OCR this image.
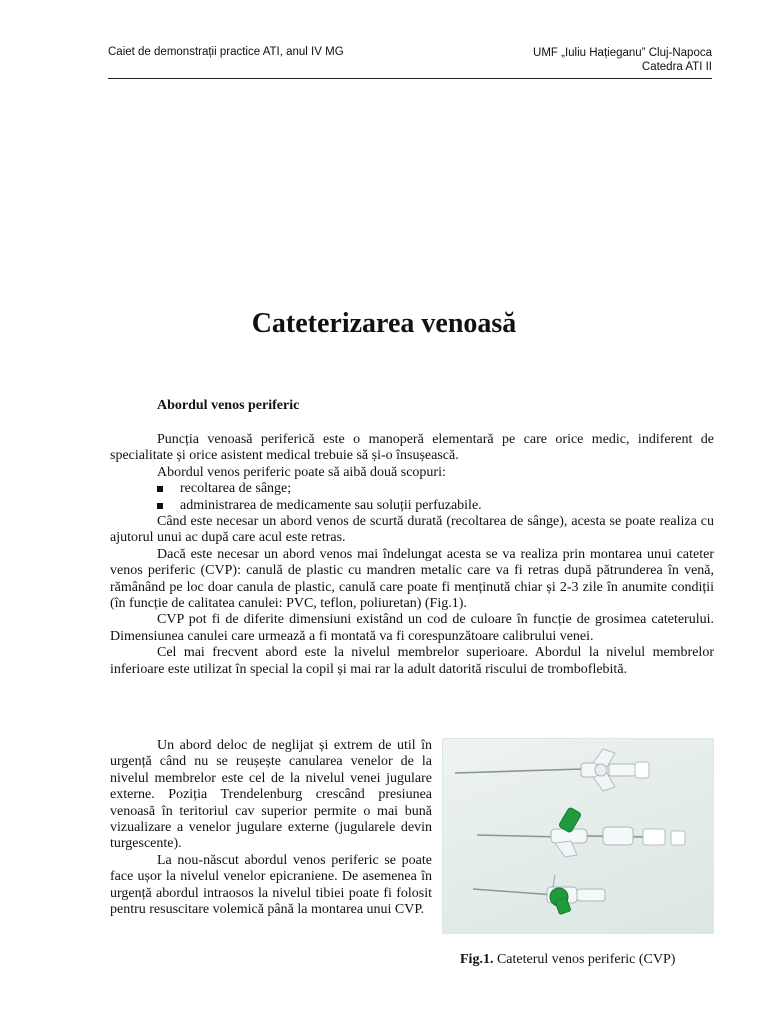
Caiet de demonstrații practice ATI, anul IV MG	UMF „Iuliu Hațieganu” Cluj-Napoca
Catedra ATI II
Cateterizarea venoasă
Abordul venos periferic

Puncția venoasă periferică este o manoperă elementară pe care orice medic, indiferent de specialitate și orice asistent medical trebuie să și-o însușească.

Abordul venos periferic poate să aibă două scopuri:

recoltarea de sânge;
administrarea de medicamente sau soluții perfuzabile.

Când este necesar un abord venos de scurtă durată (recoltarea de sânge), acesta se poate realiza cu ajutorul unui ac după care acul este retras.

Dacă este necesar un abord venos mai îndelungat acesta se va realiza prin montarea unui cateter venos periferic (CVP): canulă de plastic cu mandren metalic care va fi retras după pătrunderea în venă, rămânând pe loc doar canula de plastic, canulă care poate fi menținută chiar și 2-3 zile în anumite condiții (în funcție de calitatea canulei: PVC, teflon, poliuretan) (Fig.1).

CVP pot fi de diferite dimensiuni existând un cod de culoare în funcție de grosimea cateterului. Dimensiunea canulei care urmează a fi montată va fi corespunzătoare calibrului venei.

Cel mai frecvent abord este la nivelul membrelor superioare. Abordul la nivelul membrelor inferioare este utilizat în special la copil și mai rar la adult datorită riscului de tromboflebită.

Un abord deloc de neglijat și extrem de util în urgență când nu se reușește canularea venelor de la nivelul membrelor este cel de la nivelul venei jugulare externe. Poziția Trendelenburg crescând presiunea venoasă în teritoriul cav superior permite o mai bună vizualizare a venelor jugulare externe (jugularele devin turgescente).

La nou-născut abordul venos periferic se poate face ușor la nivelul venelor epicraniene. De asemenea în urgență abordul intraosos la nivelul tibiei poate fi folosit pentru resuscitare volemică până la montarea unui CVP.

Fig.1. Cateterul venos periferic (CVP)
